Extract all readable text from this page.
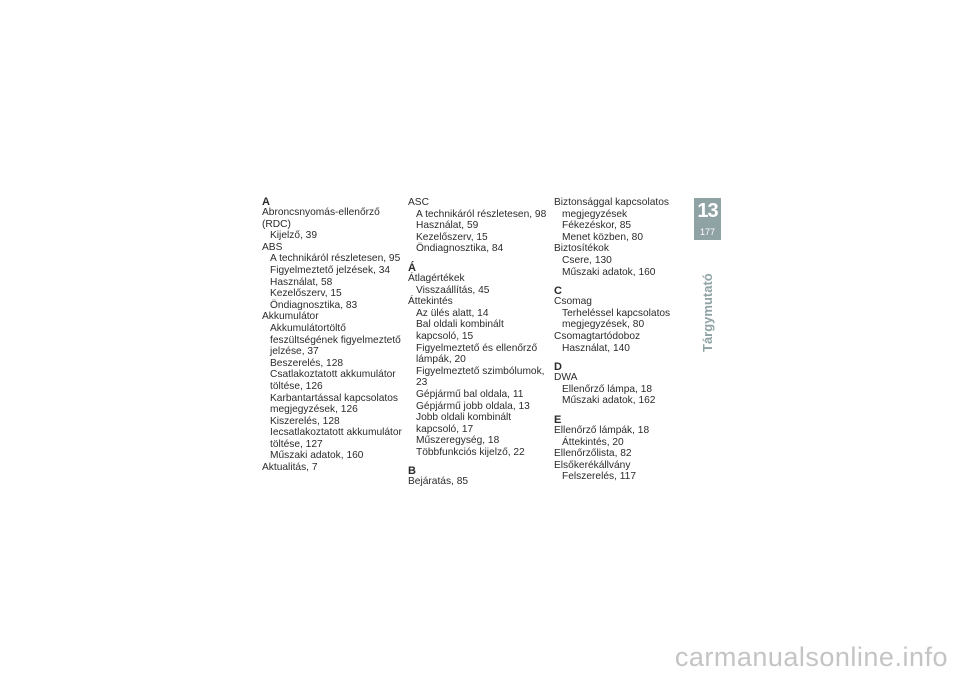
A
Abroncsnyomás-ellenőrző (RDC)
Kijelző, 39
ABS
A technikáról részletesen, 95
Figyelmeztető jelzések, 34
Használat, 58
Kezelőszerv, 15
Öndiagnosztika, 83
Akkumulátor
Akkumulátortöltő
feszültségének figyelmeztető
jelzése, 37
Beszerelés, 128
Csatlakoztatott akkumulátor
töltése, 126
Karbantartással kapcsolatos
megjegyzések, 126
Kiszerelés, 128
Iecsatlakoztatott akkumulátor
töltése, 127
Műszaki adatok, 160
Aktualitás, 7
ASC
A technikáról részletesen, 98
Használat, 59
Kezelőszerv, 15
Öndiagnosztika, 84
Á
Átlagértékek
Visszaállítás, 45
Áttekintés
Az ülés alatt, 14
Bal oldali kombinált
kapcsoló, 15
Figyelmeztető és ellenőrző
lámpák, 20
Figyelmeztető szimbólumok, 23
Gépjármű bal oldala, 11
Gépjármű jobb oldala, 13
Jobb oldali kombinált
kapcsoló, 17
Műszeregység, 18
Többfunkciós kijelző, 22
B
Bejáratás, 85
Biztonsággal kapcsolatos
megjegyzések
Fékezéskor, 85
Menet közben, 80
Biztosítékok
Csere, 130
Műszaki adatok, 160
C
Csomag
Terheléssel kapcsolatos
megjegyzések, 80
Csomagtartódoboz
Használat, 140
D
DWA
Ellenőrző lámpa, 18
Műszaki adatok, 162
E
Ellenőrző lámpák, 18
Áttekintés, 20
Ellenőrzőlista, 82
Elsőkerékállvány
Felszerelés, 117
13
177
Tárgymutató
carmanualsonline.info
